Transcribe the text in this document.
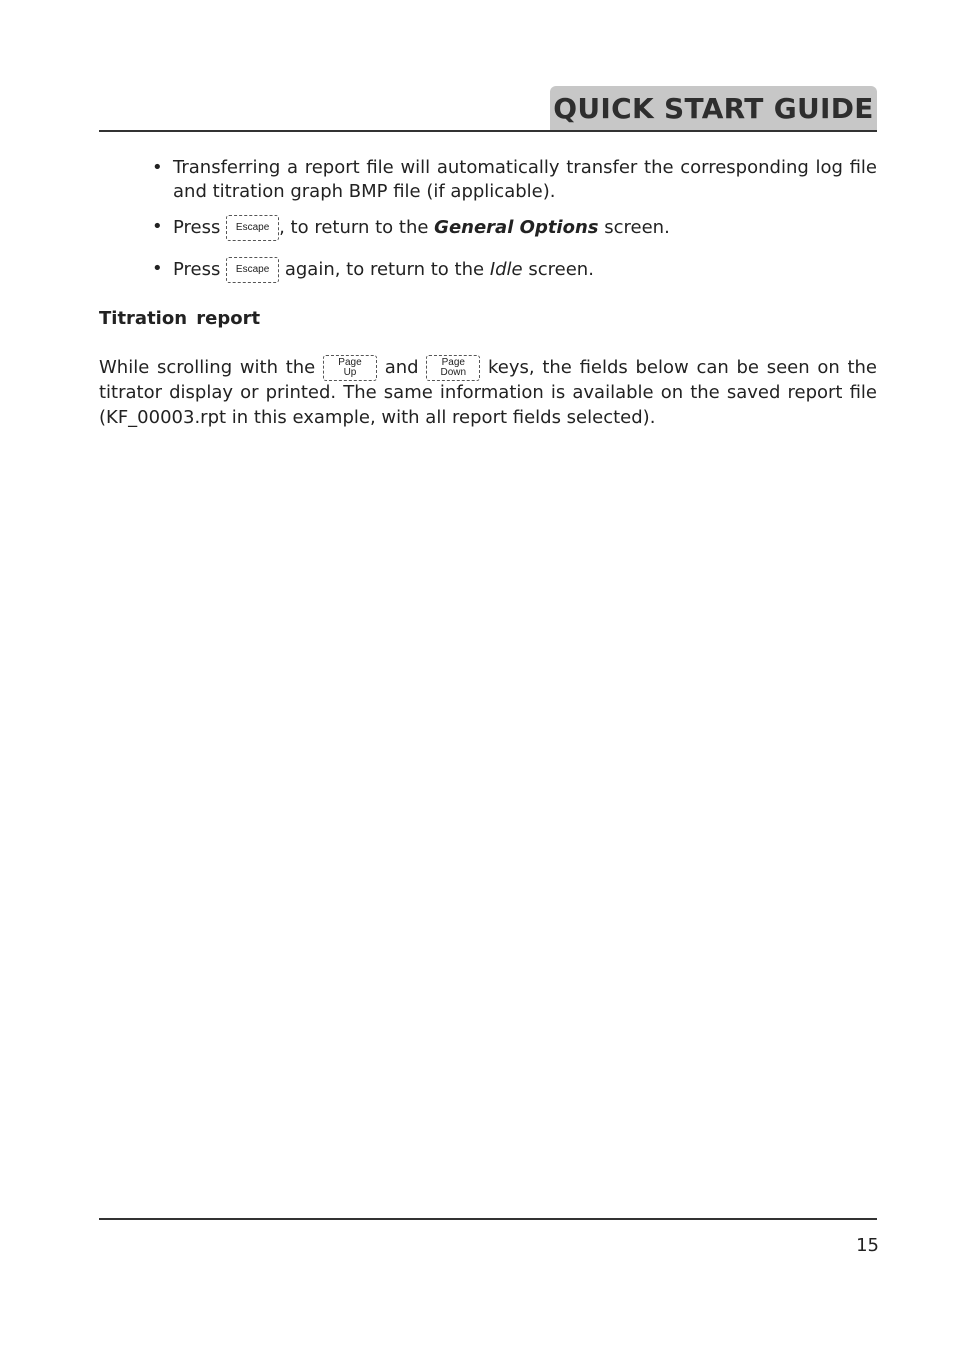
QUICK START GUIDE
• Transferring a report file will automatically transfer the corresponding log file and titration graph BMP file (if applicable).
• Press Escape , to return to the General Options screen.
• Press Escape again, to return to the Idle screen.
Titration report

While scrolling with the Page
Up and Page
Down keys, the fields below can be seen on the titrator display or printed. The same information is available on the saved report file (KF_00003.rpt in this example, with all report fields selected).

15
